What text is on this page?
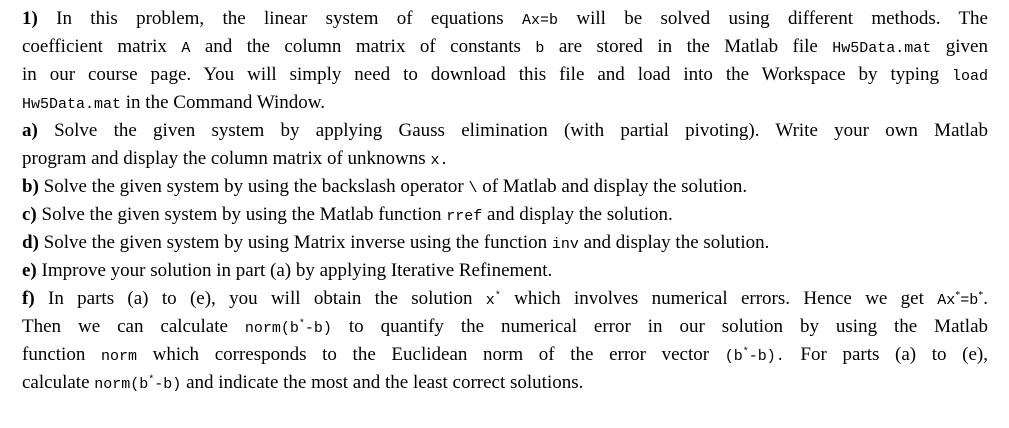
1) In this problem, the linear system of equations Ax=b will be solved using different methods. The
coefficient matrix A and the column matrix of constants b are stored in the Matlab file Hw5Data.mat given
in our course page. You will simply need to download this file and load into the Workspace by typing load
Hw5Data.mat in the Command Window.
a) Solve the given system by applying Gauss elimination (with partial pivoting). Write your own Matlab
program and display the column matrix of unknowns x.
b) Solve the given system by using the backslash operator \ of Matlab and display the solution.
c) Solve the given system by using the Matlab function rref and display the solution.
d) Solve the given system by using Matrix inverse using the function inv and display the solution.
e) Improve your solution in part (a) by applying Iterative Refinement.
f) In parts (a) to (e), you will obtain the solution x* which involves numerical errors. Hence we get Ax*=b*.
Then we can calculate norm(b*-b) to quantify the numerical error in our solution by using the Matlab
function norm which corresponds to the Euclidean norm of the error vector (b*-b). For parts (a) to (e),
calculate norm(b*-b) and indicate the most and the least correct solutions.
